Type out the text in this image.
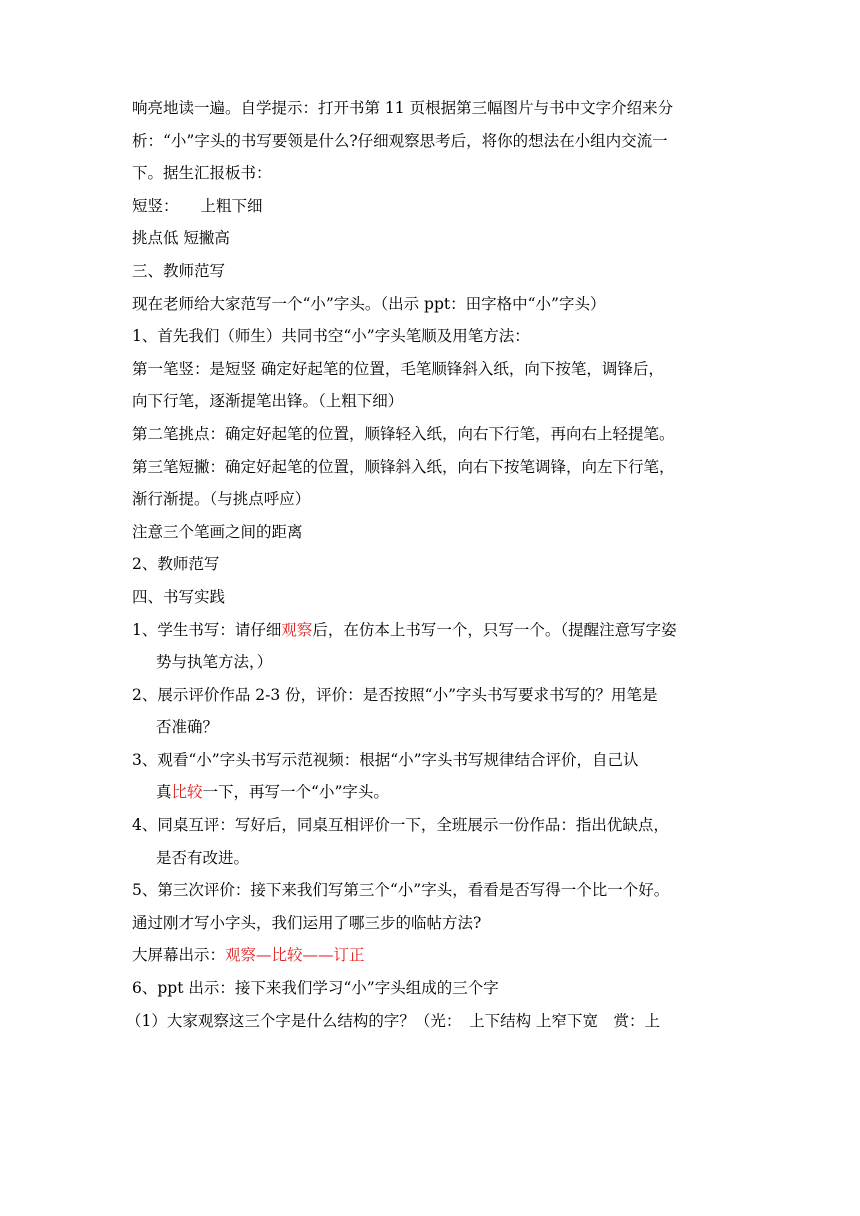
响亮地读一遍。自学提示：打开书第 11 页根据第三幅图片与书中文字介绍来分
析：“小”字头的书写要领是什么?仔细观察思考后，将你的想法在小组内交流一
下。据生汇报板书：
短竖： 上粗下细
挑点低 短撇高
三、教师范写
现在老师给大家范写一个“小”字头。（出示 ppt：田字格中“小”字头）
1、首先我们（师生）共同书空“小”字头笔顺及用笔方法：
第一笔竖：是短竖 确定好起笔的位置，毛笔顺锋斜入纸，向下按笔，调锋后，
向下行笔，逐渐提笔出锋。（上粗下细）
第二笔挑点：确定好起笔的位置，顺锋轻入纸，向右下行笔，再向右上轻提笔。
第三笔短撇：确定好起笔的位置，顺锋斜入纸，向右下按笔调锋，向左下行笔，
渐行渐提。（与挑点呼应）
注意三个笔画之间的距离
2、教师范写
四、书写实践
1、学生书写：请仔细观察后，在仿本上书写一个，只写一个。（提醒注意写字姿
势与执笔方法，）
2、展示评价作品 2-3 份，评价：是否按照“小”字头书写要求书写的？用笔是
否准确？
3、观看“小”字头书写示范视频：根据“小”字头书写规律结合评价，自己认
真比较一下，再写一个“小”字头。
4、同桌互评：写好后，同桌互相评价一下，全班展示一份作品：指出优缺点，
是否有改进。
5、第三次评价：接下来我们写第三个“小”字头，看看是否写得一个比一个好。
通过刚才写小字头，我们运用了哪三步的临帖方法?
大屏幕出示：观察—比较——订正
6、ppt 出示：接下来我们学习“小”字头组成的三个字
（1）大家观察这三个字是什么结构的字？（光：　上下结构 上窄下宽　赏：上
